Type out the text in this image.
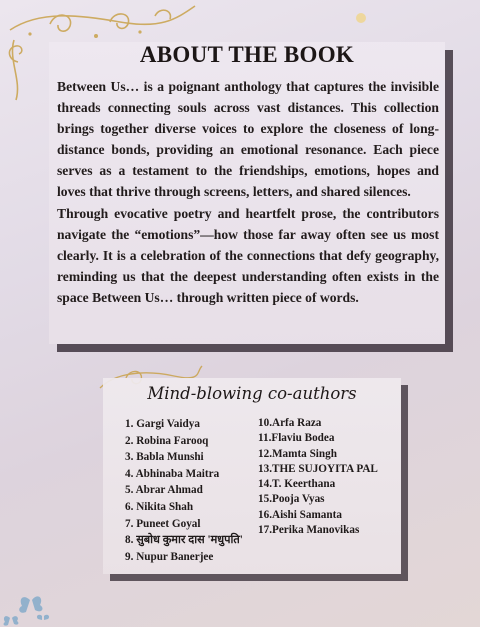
ABOUT THE BOOK

Between Us… is a poignant anthology that captures the invisible threads connecting souls across vast distances. This collection brings together diverse voices to explore the closeness of long-distance bonds, providing an emotional resonance. Each piece serves as a testament to the friendships, emotions, hopes and loves that thrive through screens, letters, and shared silences.

Through evocative poetry and heartfelt prose, the contributors navigate the “emotions”—how those far away often see us most clearly. It is a celebration of the connections that defy geography, reminding us that the deepest understanding often exists in the space Between Us… through written piece of words.

Mind-blowing co-authors
1. Gargi Vaidya
2. Robina Farooq
3. Babla Munshi
4. Abhinaba Maitra
5. Abrar Ahmad
6. Nikita Shah
7. Puneet Goyal
8. सुबोध कुमार दास 'मधुपति'
9. Nupur Banerjee
10.Arfa Raza
11.Flaviu Bodea
12.Mamta Singh
13.THE SUJOYITA PAL
14.T. Keerthana
15.Pooja Vyas
16.Aishi Samanta
17.Perika Manovikas
